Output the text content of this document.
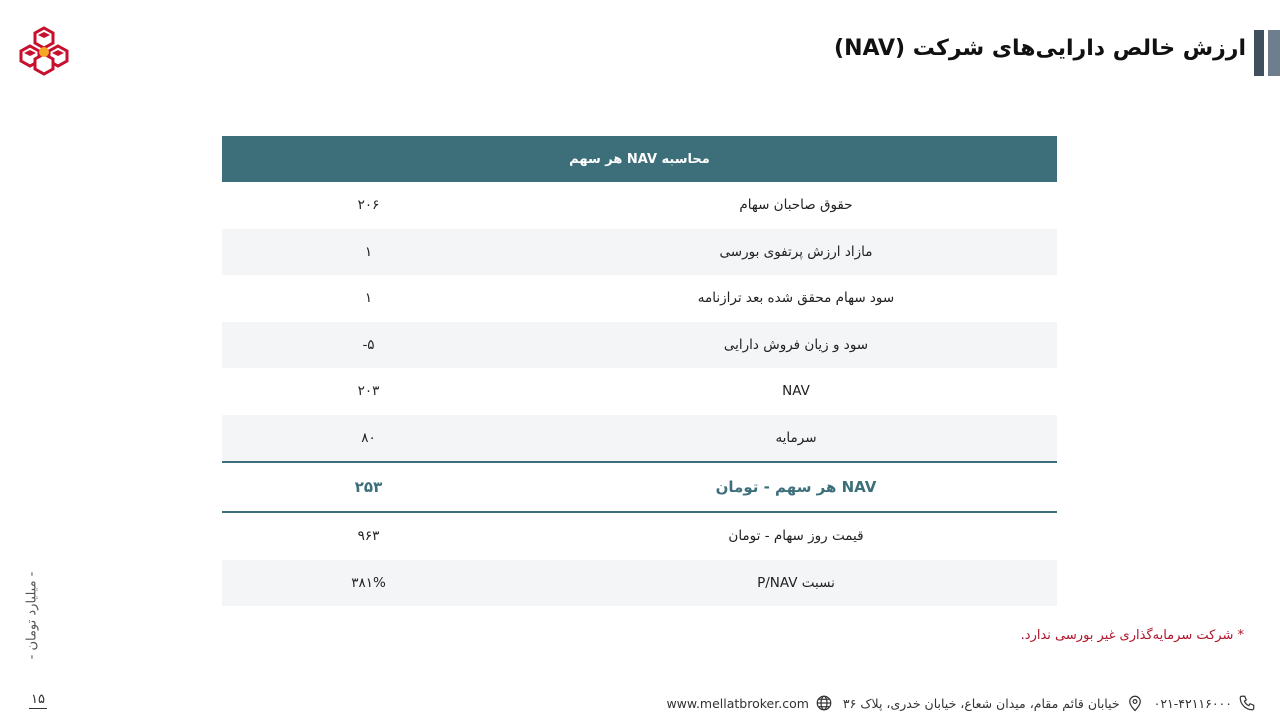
ارزش خالص دارایی‌های شرکت (NAV)
محاسبه NAV هر سهم
۲۰۶	حقوق صاحبان سهام
۱	مازاد ارزش پرتفوی بورسی
۱	سود سهام محقق شده بعد ترازنامه
-۵	سود و زیان فروش دارایی
۲۰۳	NAV
۸۰	سرمایه
۲۵۳	NAV هر سهم - تومان
۹۶۳	قیمت روز سهام - تومان
۳۸۱%	نسبت P/NAV
* شرکت سرمایه‌گذاری غیر بورسی ندارد.
- میلیارد تومان -
۱۵	۰۲۱-۴۲۱۱۶۰۰۰
خیابان قائم مقام، میدان شعاع، خیابان خدری، پلاک ۳۶
www.mellatbroker.com
